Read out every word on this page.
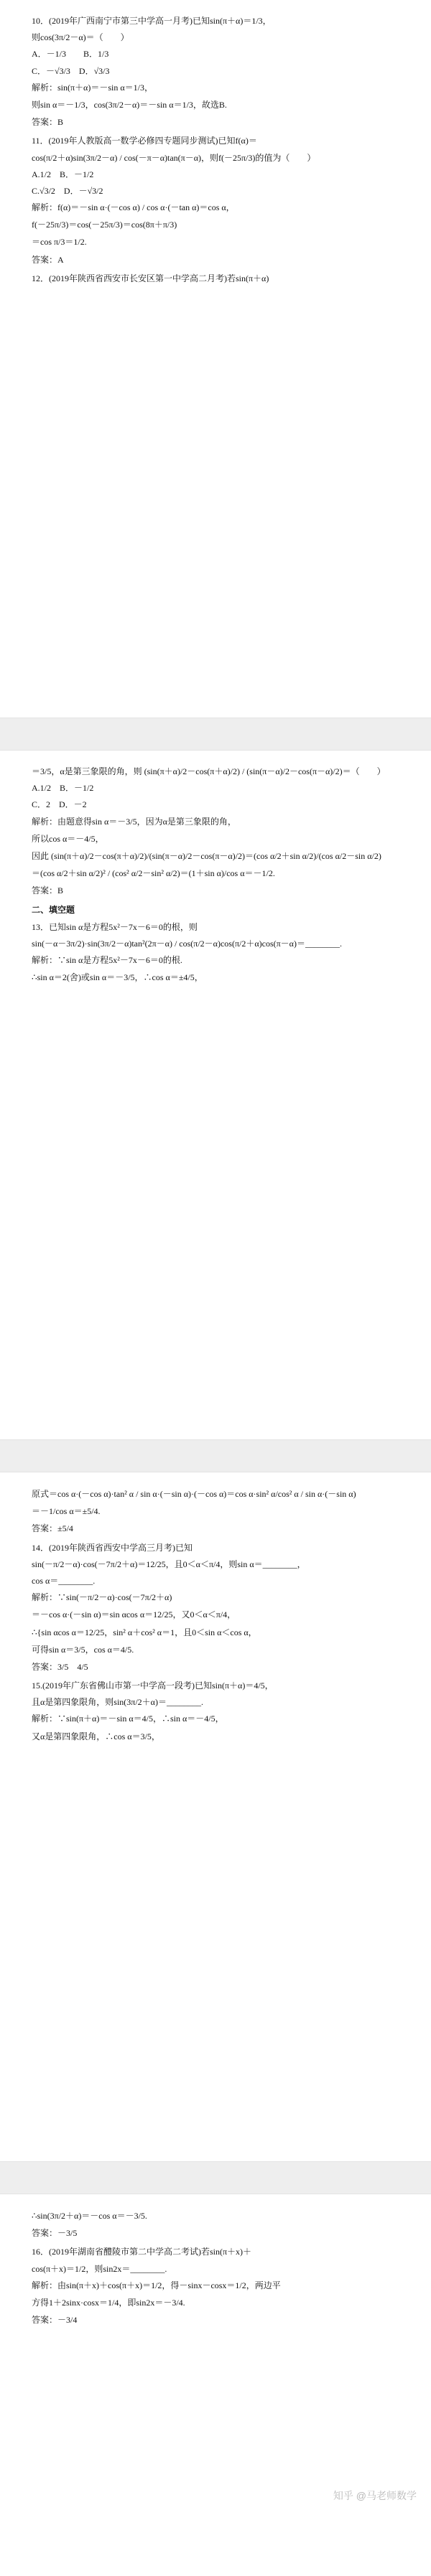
10．(2019年广西南宁市第三中学高一月考)已知sin(π＋α)＝1/3，
则cos(3π/2－α)＝（　　）
A．－1/3　　B．1/3
C．－√3/3　D．√3/3
解析：sin(π＋α)＝－sin α＝1/3，
则sin α＝－1/3，cos(3π/2－α)＝－sin α＝1/3，故选B.
答案：B
11．(2019年人教版高一数学必修四专题同步测试)已知f(α)＝
cos(π/2＋α)sin(3π/2－α) / cos(－π－α)tan(π－α)，则f(－25π/3)的值为（　　）
A.1/2　B．－1/2
C.√3/2　D．－√3/2
解析：f(α)＝－sin α·(－cos α) / cos α·(－tan α)＝cos α，
f(－25π/3)＝cos(－25π/3)＝cos(8π＋π/3)
＝cos π/3＝1/2.
答案：A
12．(2019年陕西省西安市长安区第一中学高二月考)若sin(π＋α)
＝3/5，α是第三象限的角，则 (sin(π＋α)/2－cos(π＋α)/2) / (sin(π－α)/2－cos(π－α)/2)＝（　　）
A.1/2　B．－1/2
C．2　D．－2
解析：由题意得sin α＝－3/5，因为α是第三象限的角，
所以cos α＝－4/5，
因此 (sin(π＋α)/2－cos(π＋α)/2)/(sin(π－α)/2－cos(π－α)/2)＝(cos α/2＋sin α/2)/(cos α/2－sin α/2)
＝(cos α/2＋sin α/2)² / (cos² α/2－sin² α/2)＝(1＋sin α)/cos α＝－1/2.
答案：B
二、填空题
13．已知sin α是方程5x²－7x－6＝0的根，则
sin(－α－3π/2)·sin(3π/2－α)tan²(2π－α) / cos(π/2－α)cos(π/2＋α)cos(π－α)＝________.
解析：∵sin α是方程5x²－7x－6＝0的根.
∴sin α＝2(舍)或sin α＝－3/5，∴cos α＝±4/5，
原式＝cos α·(－cos α)·tan² α / sin α·(－sin α)·(－cos α)＝cos α·sin² α/cos² α / sin α·(－sin α)
＝－1/cos α＝±5/4.
答案：±5/4
14．(2019年陕西省西安中学高三月考)已知
sin(－π/2－α)·cos(－7π/2＋α)＝12/25，且0＜α＜π/4，则sin α＝________，
cos α＝________.
解析：∵sin(－π/2－α)·cos(－7π/2＋α)
＝－cos α·(－sin α)＝sin αcos α＝12/25，又0＜α＜π/4，
∴{sin αcos α＝12/25，sin² α＋cos² α＝1，且0＜sin α＜cos α，
可得sin α＝3/5，cos α＝4/5.
答案：3/5　4/5
15.(2019年广东省佛山市第一中学高一段考)已知sin(π＋α)＝4/5，
且α是第四象限角，则sin(3π/2＋α)＝________.
解析：∵sin(π＋α)＝－sin α＝4/5，∴sin α＝－4/5，
又α是第四象限角，∴cos α＝3/5，
∴sin(3π/2＋α)＝－cos α＝－3/5.
答案：－3/5
16．(2019年湖南省醴陵市第二中学高二考试)若sin(π＋x)＋
cos(π＋x)＝1/2，则sin2x＝________.
解析：由sin(π＋x)＋cos(π＋x)＝1/2，得－sinx－cosx＝1/2，两边平
方得1＋2sinx·cosx＝1/4，即sin2x＝－3/4.
答案：－3/4
知乎 @马老师数学
